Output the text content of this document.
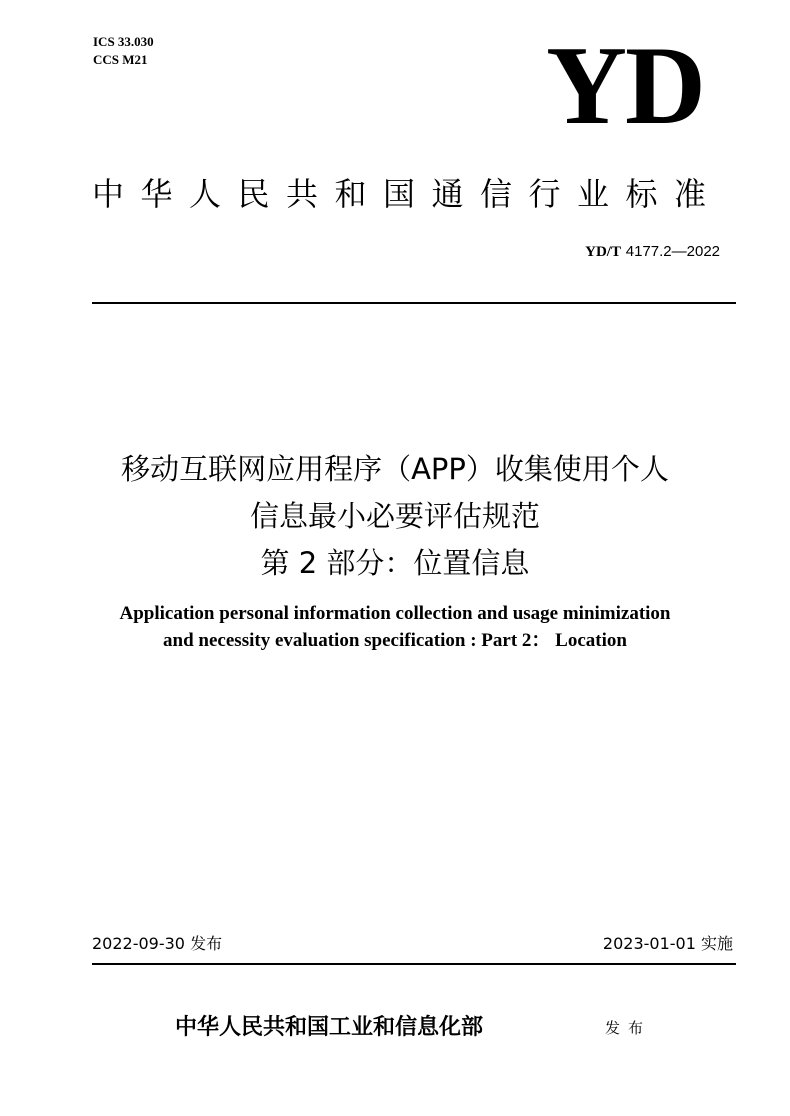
ICS 33.030
CCS M21	YD
中华人民共和国通信行业标准
YD/T 4177.2—2022
移动互联网应用程序（APP）收集使用个人
信息最小必要评估规范
第 2 部分：位置信息
Application personal information collection and usage minimization
and necessity evaluation specification : Part 2： Location
2022-09-30 发布	2023-01-01 实施
中华人民共和国工业和信息化部	发布
